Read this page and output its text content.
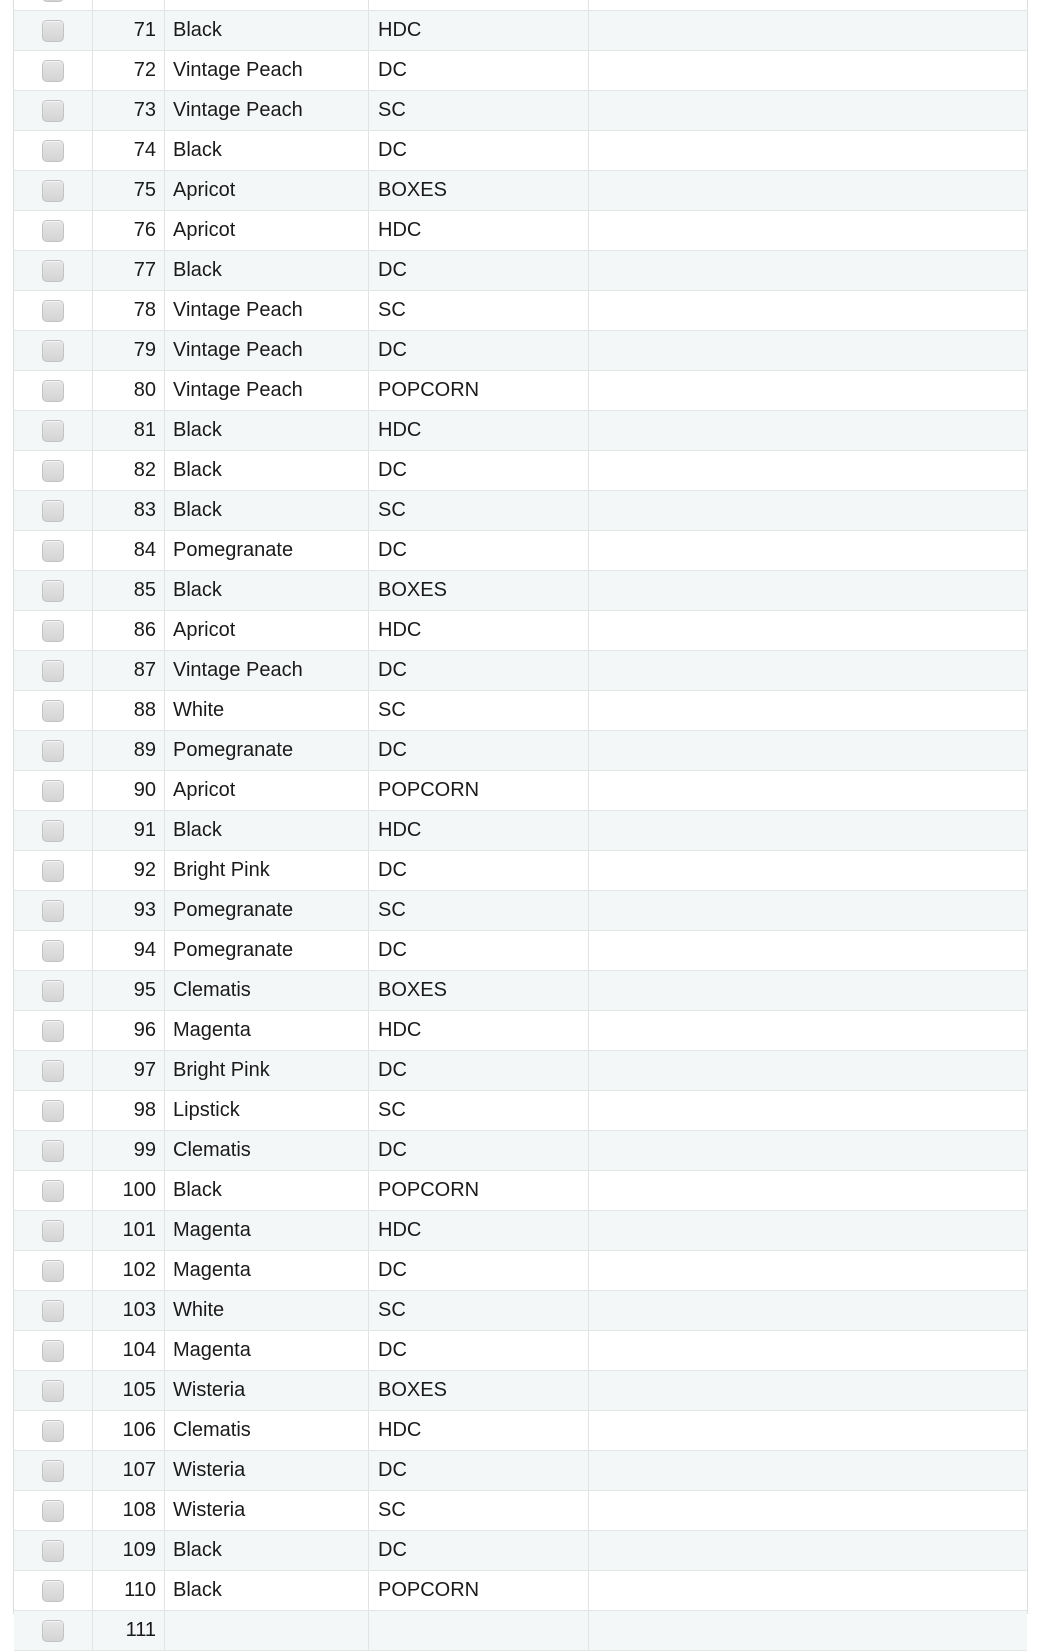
71 Black	HDC
72 Vintage Peach	DC
73 Vintage Peach	SC
74 Black	DC
75 Apricot	BOXES
76 Apricot	HDC
77 Black	DC
78 Vintage Peach	SC
79 Vintage Peach	DC
80 Vintage Peach	POPCORN
81 Black	HDC
82 Black	DC
83 Black	SC
84 Pomegranate	DC
85 Black	BOXES
86 Apricot	HDC
87 Vintage Peach	DC
88 White	SC
89 Pomegranate	DC
90 Apricot	POPCORN
91 Black	HDC
92 Bright Pink	DC
93 Pomegranate	SC
94 Pomegranate	DC
95 Clematis	BOXES
96 Magenta	HDC
97 Bright Pink	DC
98 Lipstick	SC
99 Clematis	DC
100 Black	POPCORN
101 Magenta	HDC
102 Magenta	DC
103 White	SC
104 Magenta	DC
105 Wisteria	BOXES
106 Clematis	HDC
107 Wisteria	DC
108 Wisteria	SC
109 Black	DC
110 Black	POPCORN
111
